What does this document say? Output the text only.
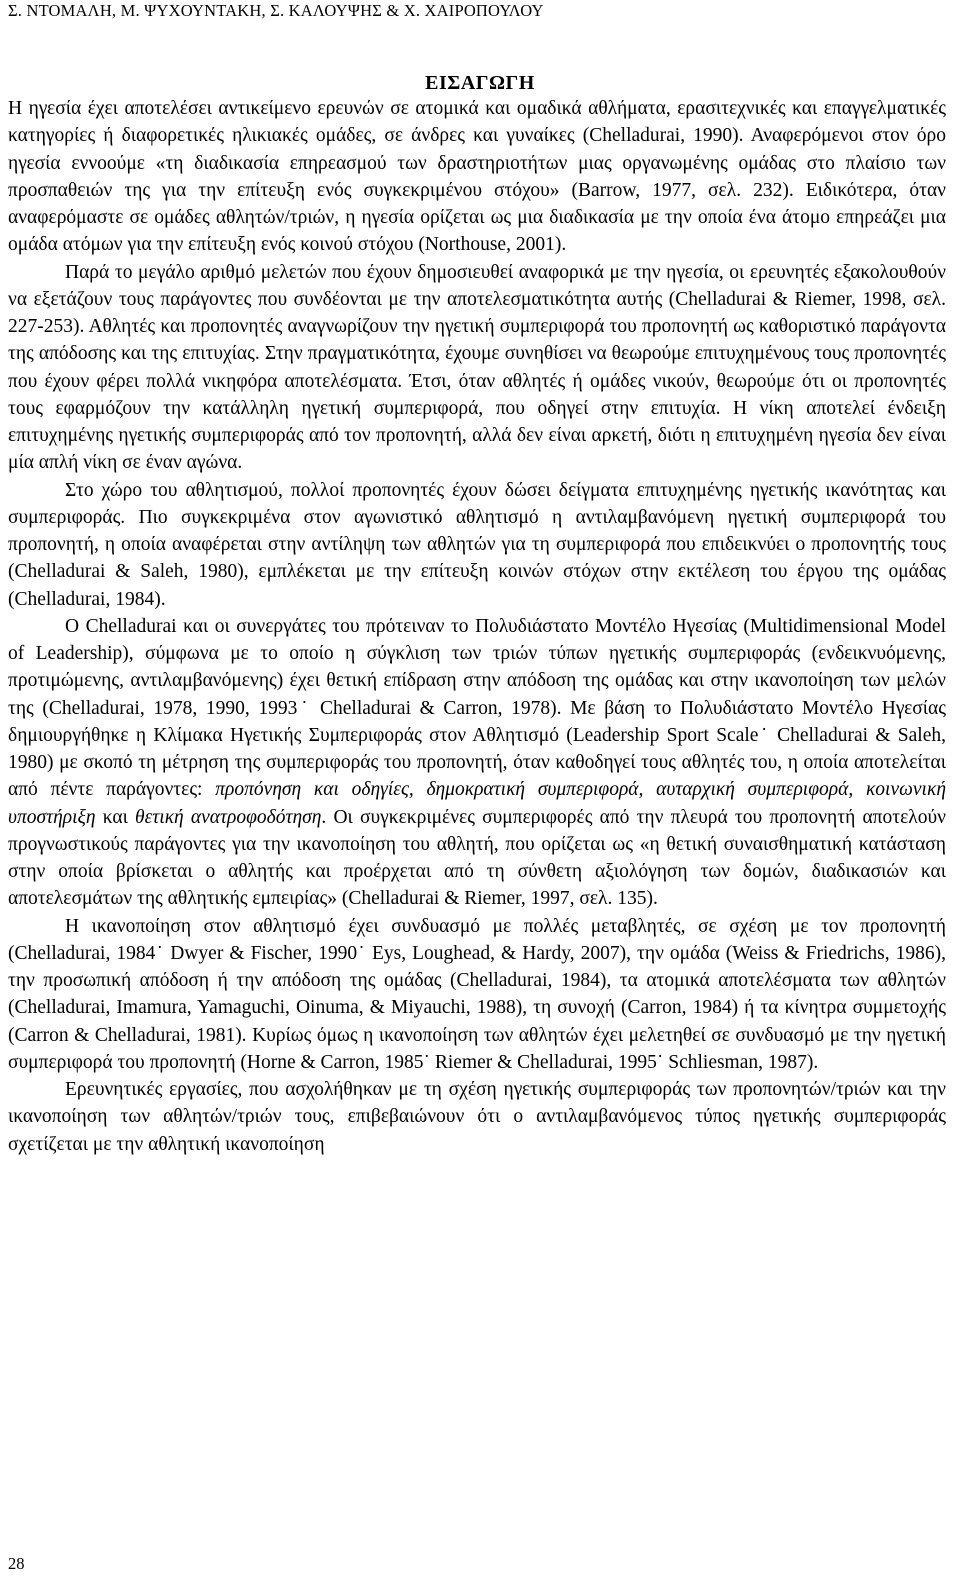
Σ. ΝΤΟΜΑΛΗ, Μ. ΨΥΧΟΥΝΤΑΚΗ, Σ. ΚΑΛΟΥΨΗΣ & Χ. ΧΑΙΡΟΠΟΥΛΟΥ
ΕΙΣΑΓΩΓΗ

Η ηγεσία έχει αποτελέσει αντικείμενο ερευνών σε ατομικά και ομαδικά αθλήματα, ερασιτεχνικές και επαγγελματικές κατηγορίες ή διαφορετικές ηλικιακές ομάδες, σε άνδρες και γυναίκες (Chelladurai, 1990). Αναφερόμενοι στον όρο ηγεσία εννοούμε «τη διαδικασία επηρεασμού των δραστηριοτήτων μιας οργανωμένης ομάδας στο πλαίσιο των προσπαθειών της για την επίτευξη ενός συγκεκριμένου στόχου» (Barrow, 1977, σελ. 232). Ειδικότερα, όταν αναφερόμαστε σε ομάδες αθλητών/τριών, η ηγεσία ορίζεται ως μια διαδικασία με την οποία ένα άτομο επηρεάζει μια ομάδα ατόμων για την επίτευξη ενός κοινού στόχου (Northouse, 2001).

Παρά το μεγάλο αριθμό μελετών που έχουν δημοσιευθεί αναφορικά με την ηγεσία, οι ερευνητές εξακολουθούν να εξετάζουν τους παράγοντες που συνδέονται με την αποτελεσματικότητα αυτής (Chelladurai & Riemer, 1998, σελ. 227-253). Αθλητές και προπονητές αναγνωρίζουν την ηγετική συμπεριφορά του προπονητή ως καθοριστικό παράγοντα της απόδοσης και της επιτυχίας. Στην πραγματικότητα, έχουμε συνηθίσει να θεωρούμε επιτυχημένους τους προπονητές που έχουν φέρει πολλά νικηφόρα αποτελέσματα. Έτσι, όταν αθλητές ή ομάδες νικούν, θεωρούμε ότι οι προπονητές τους εφαρμόζουν την κατάλληλη ηγετική συμπεριφορά, που οδηγεί στην επιτυχία. Η νίκη αποτελεί ένδειξη επιτυχημένης ηγετικής συμπεριφοράς από τον προπονητή, αλλά δεν είναι αρκετή, διότι η επιτυχημένη ηγεσία δεν είναι μία απλή νίκη σε έναν αγώνα.

Στο χώρο του αθλητισμού, πολλοί προπονητές έχουν δώσει δείγματα επιτυχημένης ηγετικής ικανότητας και συμπεριφοράς. Πιο συγκεκριμένα στον αγωνιστικό αθλητισμό η αντιλαμβανόμενη ηγετική συμπεριφορά του προπονητή, η οποία αναφέρεται στην αντίληψη των αθλητών για τη συμπεριφορά που επιδεικνύει ο προπονητής τους (Chelladurai & Saleh, 1980), εμπλέκεται με την επίτευξη κοινών στόχων στην εκτέλεση του έργου της ομάδας (Chelladurai, 1984).

Ο Chelladurai και οι συνεργάτες του πρότειναν το Πολυδιάστατο Μοντέλο Ηγεσίας (Multidimensional Model of Leadership), σύμφωνα με το οποίο η σύγκλιση των τριών τύπων ηγετικής συμπεριφοράς (ενδεικνυόμενης, προτιμώμενης, αντιλαμβανόμενης) έχει θετική επίδραση στην απόδοση της ομάδας και στην ικανοποίηση των μελών της (Chelladurai, 1978, 1990, 1993˙ Chelladurai & Carron, 1978). Με βάση το Πολυδιάστατο Μοντέλο Ηγεσίας δημιουργήθηκε η Κλίμακα Ηγετικής Συμπεριφοράς στον Αθλητισμό (Leadership Sport Scale˙ Chelladurai & Saleh, 1980) με σκοπό τη μέτρηση της συμπεριφοράς του προπονητή, όταν καθοδηγεί τους αθλητές του, η οποία αποτελείται από πέντε παράγοντες: προπόνηση και οδηγίες, δημοκρατική συμπεριφορά, αυταρχική συμπεριφορά, κοινωνική υποστήριξη και θετική ανατροφοδότηση. Οι συγκεκριμένες συμπεριφορές από την πλευρά του προπονητή αποτελούν προγνωστικούς παράγοντες για την ικανοποίηση του αθλητή, που ορίζεται ως «η θετική συναισθηματική κατάσταση στην οποία βρίσκεται ο αθλητής και προέρχεται από τη σύνθετη αξιολόγηση των δομών, διαδικασιών και αποτελεσμάτων της αθλητικής εμπειρίας» (Chelladurai & Riemer, 1997, σελ. 135).

Η ικανοποίηση στον αθλητισμό έχει συνδυασμό με πολλές μεταβλητές, σε σχέση με τον προπονητή (Chelladurai, 1984˙ Dwyer & Fischer, 1990˙ Eys, Loughead, & Hardy, 2007), την ομάδα (Weiss & Friedrichs, 1986), την προσωπική απόδοση ή την απόδοση της ομάδας (Chelladurai, 1984), τα ατομικά αποτελέσματα των αθλητών (Chelladurai, Imamura, Yamaguchi, Oinuma, & Miyauchi, 1988), τη συνοχή (Carron, 1984) ή τα κίνητρα συμμετοχής (Carron & Chelladurai, 1981). Κυρίως όμως η ικανοποίηση των αθλητών έχει μελετηθεί σε συνδυασμό με την ηγετική συμπεριφορά του προπονητή (Horne & Carron, 1985˙ Riemer & Chelladurai, 1995˙ Schliesman, 1987).

Ερευνητικές εργασίες, που ασχολήθηκαν με τη σχέση ηγετικής συμπεριφοράς των προπονητών/τριών και την ικανοποίηση των αθλητών/τριών τους, επιβεβαιώνουν ότι ο αντιλαμβανόμενος τύπος ηγετικής συμπεριφοράς σχετίζεται με την αθλητική ικανοποίηση

28
